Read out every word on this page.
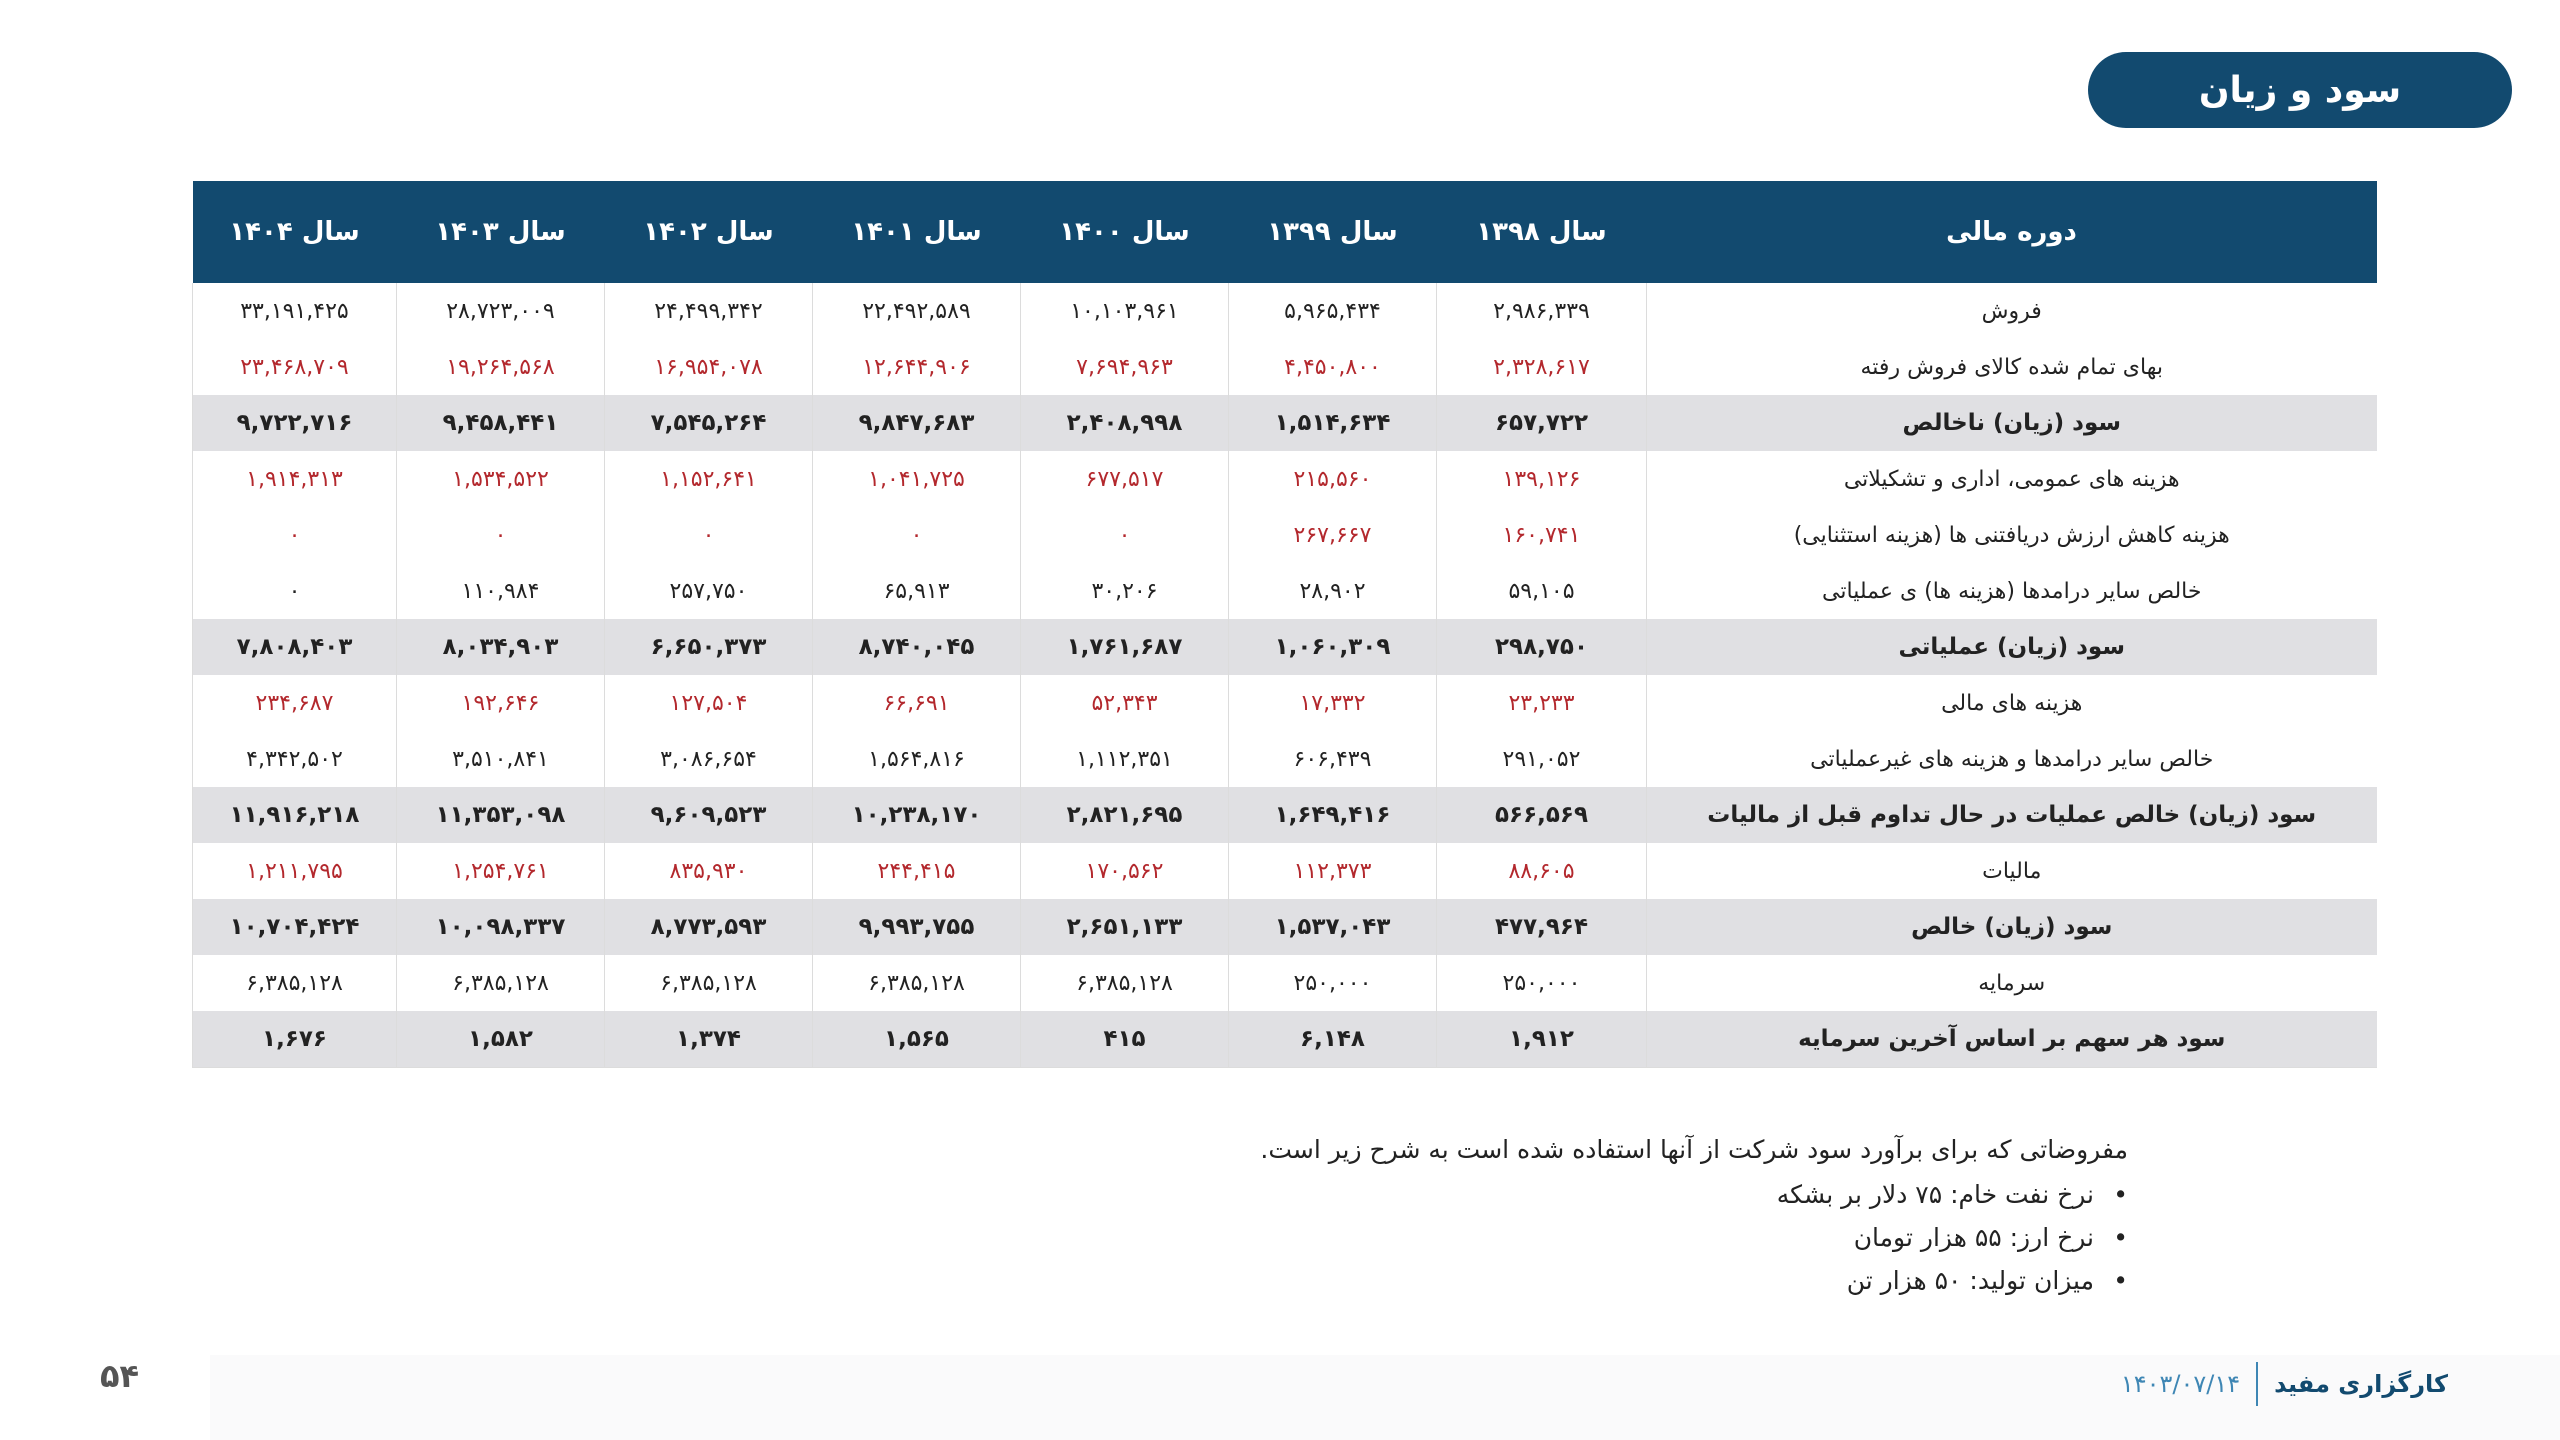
سود و زیان
دوره مالی	سال ۱۳۹۸	سال ۱۳۹۹	سال ۱۴۰۰	سال ۱۴۰۱	سال ۱۴۰۲	سال ۱۴۰۳	سال ۱۴۰۴
فروش	۲,۹۸۶,۳۳۹	۵,۹۶۵,۴۳۴	۱۰,۱۰۳,۹۶۱	۲۲,۴۹۲,۵۸۹	۲۴,۴۹۹,۳۴۲	۲۸,۷۲۳,۰۰۹	۳۳,۱۹۱,۴۲۵
بهای تمام شده کالای فروش رفته	۲,۳۲۸,۶۱۷	۴,۴۵۰,۸۰۰	۷,۶۹۴,۹۶۳	۱۲,۶۴۴,۹۰۶	۱۶,۹۵۴,۰۷۸	۱۹,۲۶۴,۵۶۸	۲۳,۴۶۸,۷۰۹
سود (زیان) ناخالص	۶۵۷,۷۲۲	۱,۵۱۴,۶۳۴	۲,۴۰۸,۹۹۸	۹,۸۴۷,۶۸۳	۷,۵۴۵,۲۶۴	۹,۴۵۸,۴۴۱	۹,۷۲۲,۷۱۶
هزینه های عمومی، اداری و تشکیلاتی	۱۳۹,۱۲۶	۲۱۵,۵۶۰	۶۷۷,۵۱۷	۱,۰۴۱,۷۲۵	۱,۱۵۲,۶۴۱	۱,۵۳۴,۵۲۲	۱,۹۱۴,۳۱۳
هزینه کاهش ارزش دریافتنی ها (هزینه استثنایی)	۱۶۰,۷۴۱	۲۶۷,۶۶۷	۰	۰	۰	۰	۰
خالص سایر درامدها (هزینه ها) ی عملیاتی	۵۹,۱۰۵	۲۸,۹۰۲	۳۰,۲۰۶	۶۵,۹۱۳	۲۵۷,۷۵۰	۱۱۰,۹۸۴	۰
سود (زیان) عملیاتی	۲۹۸,۷۵۰	۱,۰۶۰,۳۰۹	۱,۷۶۱,۶۸۷	۸,۷۴۰,۰۴۵	۶,۶۵۰,۳۷۳	۸,۰۳۴,۹۰۳	۷,۸۰۸,۴۰۳
هزینه های مالی	۲۳,۲۳۳	۱۷,۳۳۲	۵۲,۳۴۳	۶۶,۶۹۱	۱۲۷,۵۰۴	۱۹۲,۶۴۶	۲۳۴,۶۸۷
خالص سایر درامدها و هزینه های غیرعملیاتی	۲۹۱,۰۵۲	۶۰۶,۴۳۹	۱,۱۱۲,۳۵۱	۱,۵۶۴,۸۱۶	۳,۰۸۶,۶۵۴	۳,۵۱۰,۸۴۱	۴,۳۴۲,۵۰۲
سود (زیان) خالص عملیات در حال تداوم قبل از مالیات	۵۶۶,۵۶۹	۱,۶۴۹,۴۱۶	۲,۸۲۱,۶۹۵	۱۰,۲۳۸,۱۷۰	۹,۶۰۹,۵۲۳	۱۱,۳۵۳,۰۹۸	۱۱,۹۱۶,۲۱۸
مالیات	۸۸,۶۰۵	۱۱۲,۳۷۳	۱۷۰,۵۶۲	۲۴۴,۴۱۵	۸۳۵,۹۳۰	۱,۲۵۴,۷۶۱	۱,۲۱۱,۷۹۵
سود (زیان) خالص	۴۷۷,۹۶۴	۱,۵۳۷,۰۴۳	۲,۶۵۱,۱۳۳	۹,۹۹۳,۷۵۵	۸,۷۷۳,۵۹۳	۱۰,۰۹۸,۳۳۷	۱۰,۷۰۴,۴۲۴
سرمایه	۲۵۰,۰۰۰	۲۵۰,۰۰۰	۶,۳۸۵,۱۲۸	۶,۳۸۵,۱۲۸	۶,۳۸۵,۱۲۸	۶,۳۸۵,۱۲۸	۶,۳۸۵,۱۲۸
سود هر سهم بر اساس آخرین سرمایه	۱,۹۱۲	۶,۱۴۸	۴۱۵	۱,۵۶۵	۱,۳۷۴	۱,۵۸۲	۱,۶۷۶

مفروضاتی که برای برآورد سود شرکت از آنها استفاده شده است به شرح زیر است.

•
نرخ نفت خام: ۷۵ دلار بر بشکه
•
نرخ ارز: ۵۵ هزار تومان
•
میزان تولید: ۵۰ هزار تن
۵۴	کارگزاری مفید
۱۴۰۳/۰۷/۱۴
